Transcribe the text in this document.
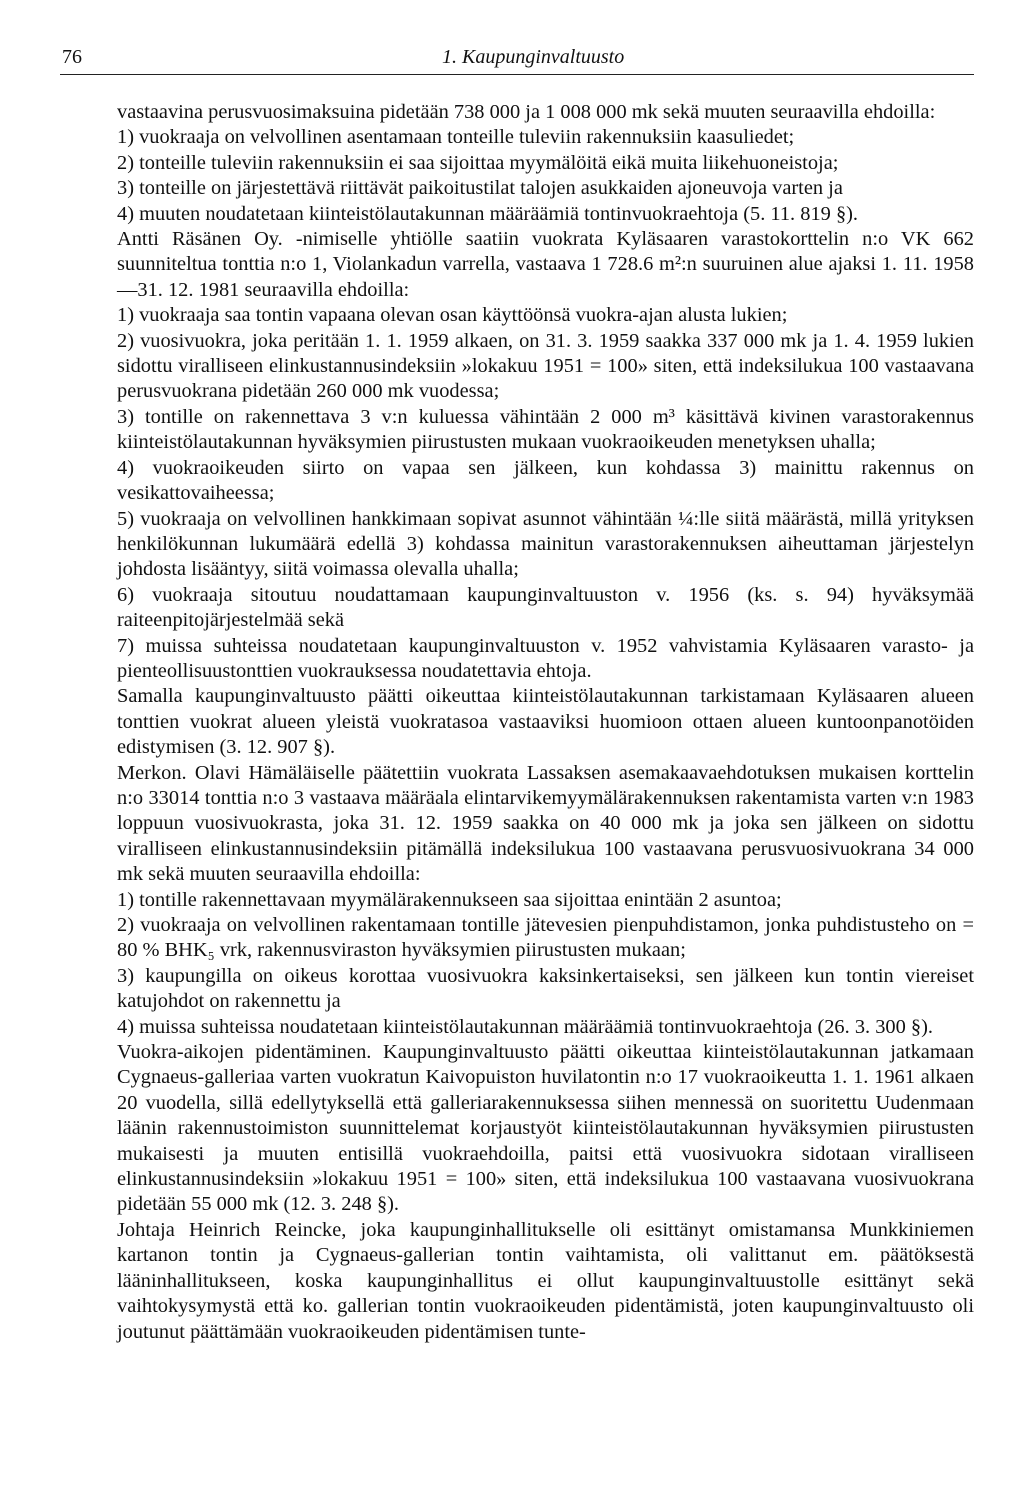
76	1. Kaupunginvaltuusto

vastaavina perusvuosimaksuina pidetään 738 000 ja 1 008 000 mk sekä muuten seuraavilla ehdoilla:

1) vuokraaja on velvollinen asentamaan tonteille tuleviin rakennuksiin kaasuliedet;

2) tonteille tuleviin rakennuksiin ei saa sijoittaa myymälöitä eikä muita liikehuoneistoja;

3) tonteille on järjestettävä riittävät paikoitustilat talojen asukkaiden ajoneuvoja varten ja

4) muuten noudatetaan kiinteistölautakunnan määräämiä tontinvuokraehtoja (5. 11. 819 §).

Antti Räsänen Oy. -nimiselle yhtiölle saatiin vuokrata Kyläsaaren varastokorttelin n:o VK 662 suunniteltua tonttia n:o 1, Violankadun varrella, vastaava 1 728.6 m²:n suuruinen alue ajaksi 1. 11. 1958—31. 12. 1981 seuraavilla ehdoilla:

1) vuokraaja saa tontin vapaana olevan osan käyttöönsä vuokra-ajan alusta lukien;

2) vuosivuokra, joka peritään 1. 1. 1959 alkaen, on 31. 3. 1959 saakka 337 000 mk ja 1. 4. 1959 lukien sidottu viralliseen elinkustannusindeksiin »lokakuu 1951 = 100» siten, että indeksilukua 100 vastaavana perusvuokrana pidetään 260 000 mk vuodessa;

3) tontille on rakennettava 3 v:n kuluessa vähintään 2 000 m³ käsittävä kivinen varastorakennus kiinteistölautakunnan hyväksymien piirustusten mukaan vuokraoikeuden menetyksen uhalla;

4) vuokraoikeuden siirto on vapaa sen jälkeen, kun kohdassa 3) mainittu rakennus on vesikattovaiheessa;

5) vuokraaja on velvollinen hankkimaan sopivat asunnot vähintään ¼:lle siitä määrästä, millä yrityksen henkilökunnan lukumäärä edellä 3) kohdassa mainitun varastorakennuksen aiheuttaman järjestelyn johdosta lisääntyy, siitä voimassa olevalla uhalla;

6) vuokraaja sitoutuu noudattamaan kaupunginvaltuuston v. 1956 (ks. s. 94) hyväksymää raiteenpitojärjestelmää sekä

7) muissa suhteissa noudatetaan kaupunginvaltuuston v. 1952 vahvistamia Kyläsaaren varasto- ja pienteollisuustonttien vuokrauksessa noudatettavia ehtoja.

Samalla kaupunginvaltuusto päätti oikeuttaa kiinteistölautakunnan tarkistamaan Kyläsaaren alueen tonttien vuokrat alueen yleistä vuokratasoa vastaaviksi huomioon ottaen alueen kuntoonpanotöiden edistymisen (3. 12. 907 §).

Merkon. Olavi Hämäläiselle päätettiin vuokrata Lassaksen asemakaavaehdotuksen mukaisen korttelin n:o 33014 tonttia n:o 3 vastaava määräala elintarvikemyymälärakennuksen rakentamista varten v:n 1983 loppuun vuosivuokrasta, joka 31. 12. 1959 saakka on 40 000 mk ja joka sen jälkeen on sidottu viralliseen elinkustannusindeksiin pitämällä indeksilukua 100 vastaavana perusvuosivuokrana 34 000 mk sekä muuten seuraavilla ehdoilla:

1) tontille rakennettavaan myymälärakennukseen saa sijoittaa enintään 2 asuntoa;

2) vuokraaja on velvollinen rakentamaan tontille jätevesien pienpuhdistamon, jonka puhdistusteho on = 80 % BHK₅ vrk, rakennusviraston hyväksymien piirustusten mukaan;

3) kaupungilla on oikeus korottaa vuosivuokra kaksinkertaiseksi, sen jälkeen kun tontin viereiset katujohdot on rakennettu ja

4) muissa suhteissa noudatetaan kiinteistölautakunnan määräämiä tontinvuokraehtoja (26. 3. 300 §).

Vuokra-aikojen pidentäminen. Kaupunginvaltuusto päätti oikeuttaa kiinteistölautakunnan jatkamaan Cygnaeus-galleriaa varten vuokratun Kaivopuiston huvilatontin n:o 17 vuokraoikeutta 1. 1. 1961 alkaen 20 vuodella, sillä edellytyksellä että galleriarakennuksessa siihen mennessä on suoritettu Uudenmaan läänin rakennustoimiston suunnittelemat korjaustyöt kiinteistölautakunnan hyväksymien piirustusten mukaisesti ja muuten entisillä vuokraehdoilla, paitsi että vuosivuokra sidotaan viralliseen elinkustannusindeksiin »lokakuu 1951 = 100» siten, että indeksilukua 100 vastaavana vuosivuokrana pidetään 55 000 mk (12. 3. 248 §).

Johtaja Heinrich Reincke, joka kaupunginhallitukselle oli esittänyt omistamansa Munkkiniemen kartanon tontin ja Cygnaeus-gallerian tontin vaihtamista, oli valittanut em. päätöksestä lääninhallitukseen, koska kaupunginhallitus ei ollut kaupunginvaltuustolle esittänyt sekä vaihtokysymystä että ko. gallerian tontin vuokraoikeuden pidentämistä, joten kaupunginvaltuusto oli joutunut päättämään vuokraoikeuden pidentämisen tunte-
